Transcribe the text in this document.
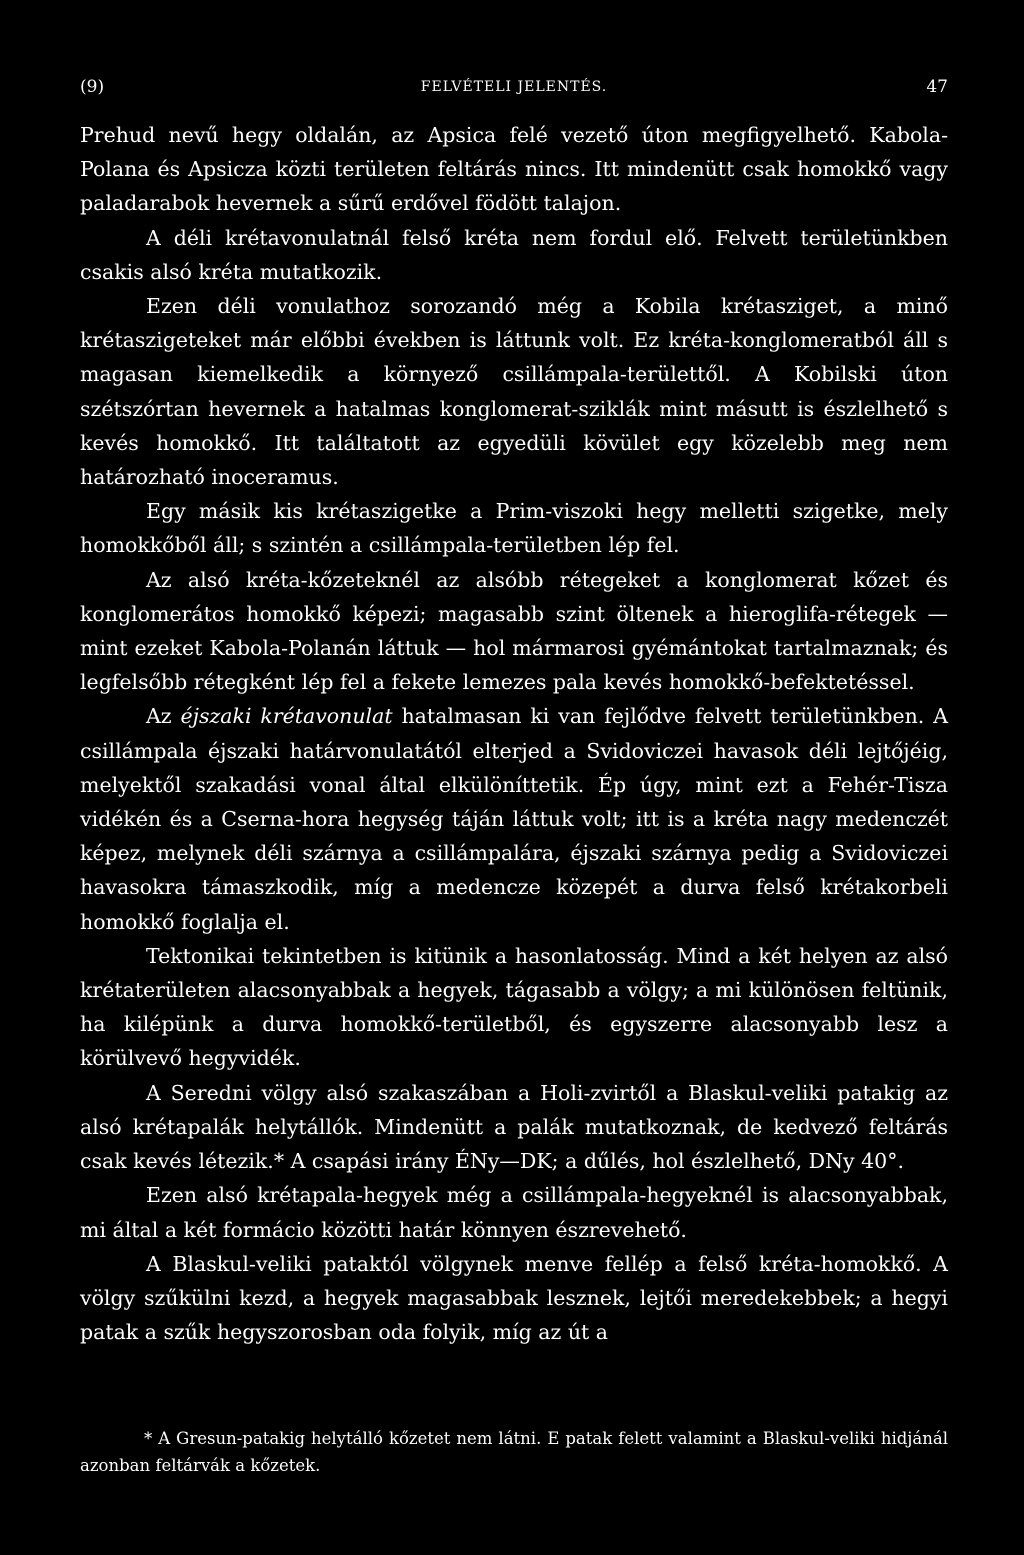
(9)	FELVÉTELI JELENTÉS.	47

Prehud nevű hegy oldalán, az Apsica felé vezető úton megfigyelhető. Kabola-Polana és Apsicza közti területen feltárás nincs. Itt mindenütt csak homokkő vagy paladarabok hevernek a sűrű erdővel födött talajon.

A déli krétavonulatnál felső kréta nem fordul elő. Felvett területünkben csakis alsó kréta mutatkozik.

Ezen déli vonulathoz sorozandó még a Kobila krétasziget, a minő krétaszigeteket már előbbi években is láttunk volt. Ez kréta-konglomeratból áll s magasan kiemelkedik a környező csillámpala-területtől. A Kobilski úton szétszórtan hevernek a hatalmas konglomerat-sziklák mint másutt is észlelhető s kevés homokkő. Itt találtatott az egyedüli kövület egy közelebb meg nem határozható inoceramus.

Egy másik kis krétaszigetke a Prim-viszoki hegy melletti szigetke, mely homokkőből áll; s szintén a csillámpala-területben lép fel.

Az alsó kréta-kőzeteknél az alsóbb rétegeket a konglomerat kőzet és konglomerátos homokkő képezi; magasabb szint öltenek a hieroglifa-rétegek — mint ezeket Kabola-Polanán láttuk — hol mármarosi gyémántokat tartalmaznak; és legfelsőbb rétegként lép fel a fekete lemezes pala kevés homokkő-befektetéssel.

Az éjszaki krétavonulat hatalmasan ki van fejlődve felvett területünkben. A csillámpala éjszaki határvonulatától elterjed a Svidoviczei havasok déli lejtőjéig, melyektől szakadási vonal által elkülöníttetik. Ép úgy, mint ezt a Fehér-Tisza vidékén és a Cserna-hora hegység táján láttuk volt; itt is a kréta nagy medenczét képez, melynek déli szárnya a csillámpalára, éjszaki szárnya pedig a Svidoviczei havasokra támaszkodik, míg a medencze közepét a durva felső krétakorbeli homokkő foglalja el.

Tektonikai tekintetben is kitünik a hasonlatosság. Mind a két helyen az alsó krétaterületen alacsonyabbak a hegyek, tágasabb a völgy; a mi különösen feltünik, ha kilépünk a durva homokkő-területből, és egyszerre alacsonyabb lesz a körülvevő hegyvidék.

A Seredni völgy alsó szakaszában a Holi-zvirtől a Blaskul-veliki patakig az alsó krétapalák helytállók. Mindenütt a palák mutatkoznak, de kedvező feltárás csak kevés létezik.* A csapási irány ÉNy—DK; a dűlés, hol észlelhető, DNy 40°.

Ezen alsó krétapala-hegyek még a csillámpala-hegyeknél is alacsonyabbak, mi által a két formácio közötti határ könnyen észrevehető.

A Blaskul-veliki pataktól völgynek menve fellép a felső kréta-homokkő. A völgy szűkülni kezd, a hegyek magasabbak lesznek, lejtői meredekebbek; a hegyi patak a szűk hegyszorosban oda folyik, míg az út a

* A Gresun-patakig helytálló kőzetet nem látni. E patak felett valamint a Blaskul-veliki hidjánál azonban feltárvák a kőzetek.
